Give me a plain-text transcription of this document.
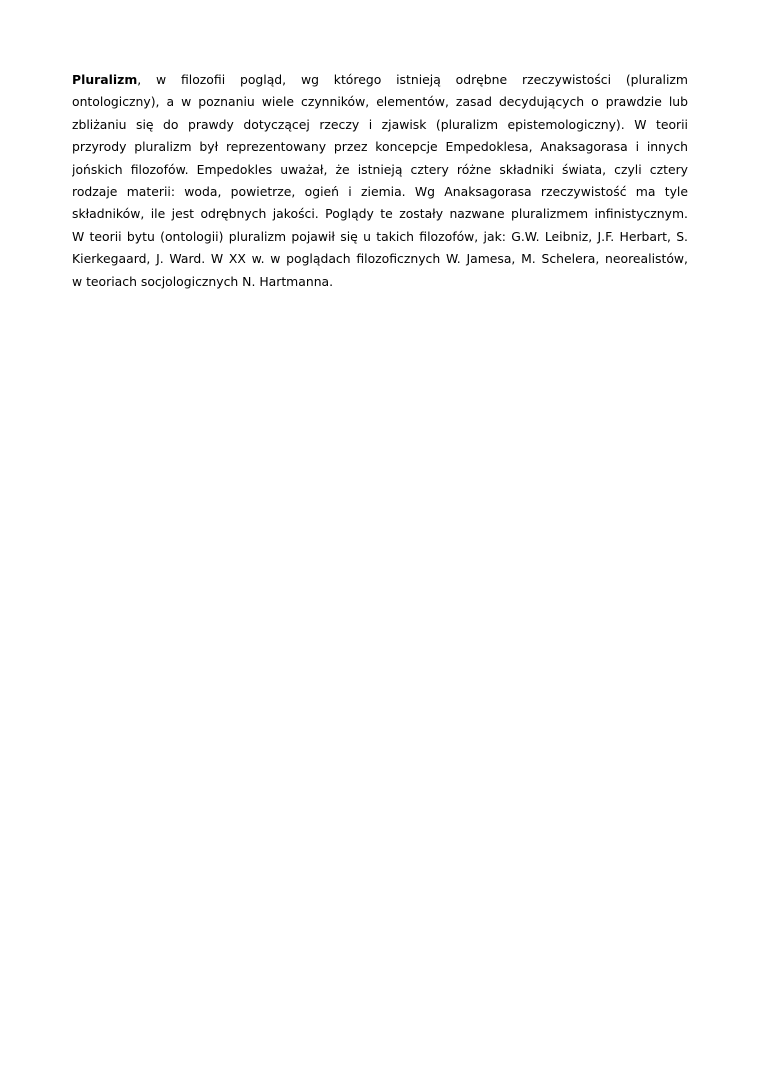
Pluralizm, w filozofii pogląd, wg którego istnieją odrębne rzeczywistości (pluralizm
ontologiczny), a w poznaniu wiele czynników, elementów, zasad decydujących o prawdzie lub
zbliżaniu się do prawdy dotyczącej rzeczy i zjawisk (pluralizm epistemologiczny). W teorii
przyrody pluralizm był reprezentowany przez koncepcje Empedoklesa, Anaksagorasa i innych
jońskich filozofów. Empedokles uważał, że istnieją cztery różne składniki świata, czyli cztery
rodzaje materii: woda, powietrze, ogień i ziemia. Wg Anaksagorasa rzeczywistość ma tyle
składników, ile jest odrębnych jakości. Poglądy te zostały nazwane pluralizmem infinistycznym.
W teorii bytu (ontologii) pluralizm pojawił się u takich filozofów, jak: G.W. Leibniz, J.F. Herbart, S.
Kierkegaard, J. Ward. W XX w. w poglądach filozoficznych W. Jamesa, M. Schelera, neorealistów,
w teoriach socjologicznych N. Hartmanna.
